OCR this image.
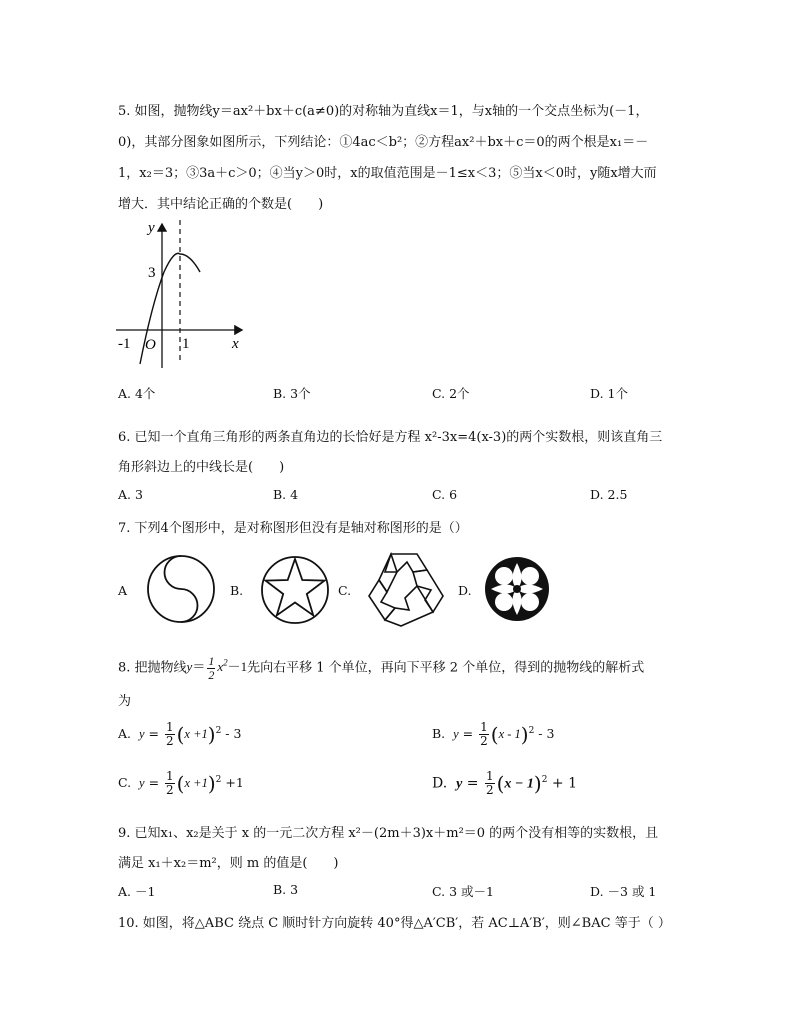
5. 如图，抛物线y＝ax²＋bx＋c(a≠0)的对称轴为直线x＝1，与x轴的一个交点坐标为(－1，
0)，其部分图象如图所示，下列结论：①4ac＜b²；②方程ax²＋bx＋c＝0的两个根是x₁＝－
1，x₂＝3；③3a＋c＞0；④当y＞0时，x的取值范围是－1≤x＜3；⑤当x＜0时，y随x增大而
增大．其中结论正确的个数是(　　)
y
x
3
-1 O 1
A. 4个	B. 3个	C. 2个	D. 1个
6. 已知一个直角三角形的两条直角边的长恰好是方程 x²-3x=4(x-3)的两个实数根，则该直角三
角形斜边上的中线长是(　　)
A. 3	B. 4	C. 6	D. 2.5
7. 下列4个图形中，是对称图形但没有是轴对称图形的是（）
A	B.	C.	D.
8. 把抛物线$y= \frac{1}{2} x^2-1$先向右平移 1 个单位，再向下平移 2 个单位，得到的抛物线的解析式
为
A. $y = \frac{1}{2} (x +1)^2 - 3$	B. $y = \frac{1}{2} (x - 1)^2 - 3$
C. $y = \frac{1}{2} (x +1)^2 +1$	D. $y = \frac{1}{2} (x - 1)^2 + 1$
9. 已知x₁、x₂是关于 x 的一元二次方程 x²－(2m＋3)x＋m²＝0 的两个没有相等的实数根，且
满足 x₁＋x₂＝m²，则 m 的值是(　　)
A. －1	B. 3	C. 3 或－1	D. －3 或 1
10. 如图，将△ABC 绕点 C 顺时针方向旋转 40°得△A′CB′，若 AC⊥A′B′，则∠BAC 等于（ ）
